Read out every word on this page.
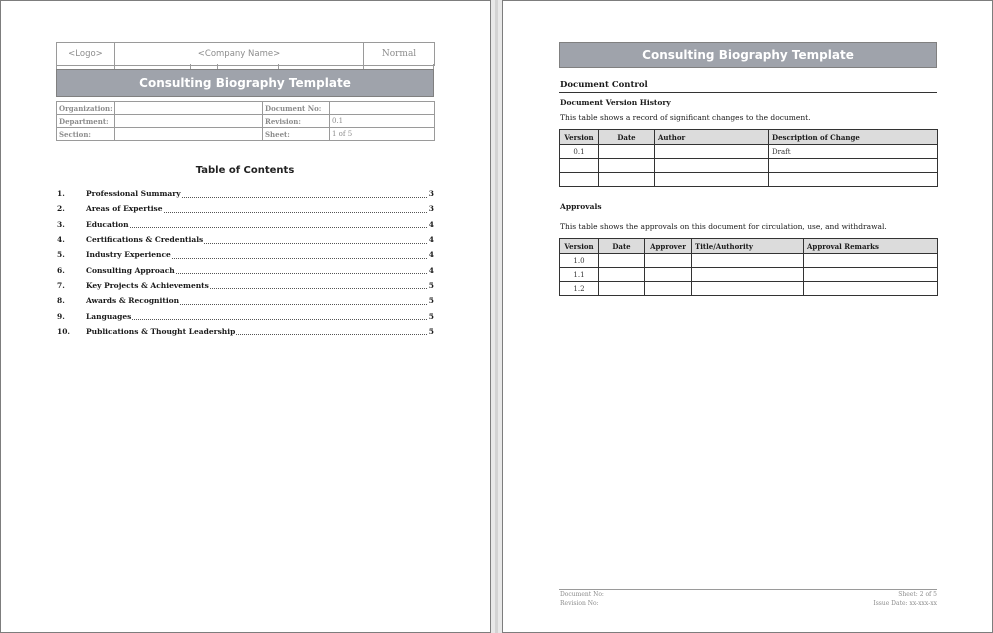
<Logo>	<Company Name>	Normal
Consulting Biography Template
Organization:		Document No:	
Department:		Revision:	0.1
Section:		Sheet:	1 of 5
Table of Contents
1.	Professional Summary	3
2.	Areas of Expertise	3
3.	Education	4
4.	Certifications & Credentials	4
5.	Industry Experience	4
6.	Consulting Approach	4
7.	Key Projects & Achievements	5
8.	Awards & Recognition	5
9.	Languages	5
10.	Publications & Thought Leadership	5
Consulting Biography Template
Document Control
Document Version History
This table shows a record of significant changes to the document.
Version	Date	Author	Description of Change
0.1			Draft

Approvals
This table shows the approvals on this document for circulation, use, and withdrawal.
Version	Date	Approver	Title/Authority	Approval Remarks
1.0				
1.1				
1.2				
Document No:
Revision No:
Sheet: 2 of 5
Issue Date: xx-xxx-xx
